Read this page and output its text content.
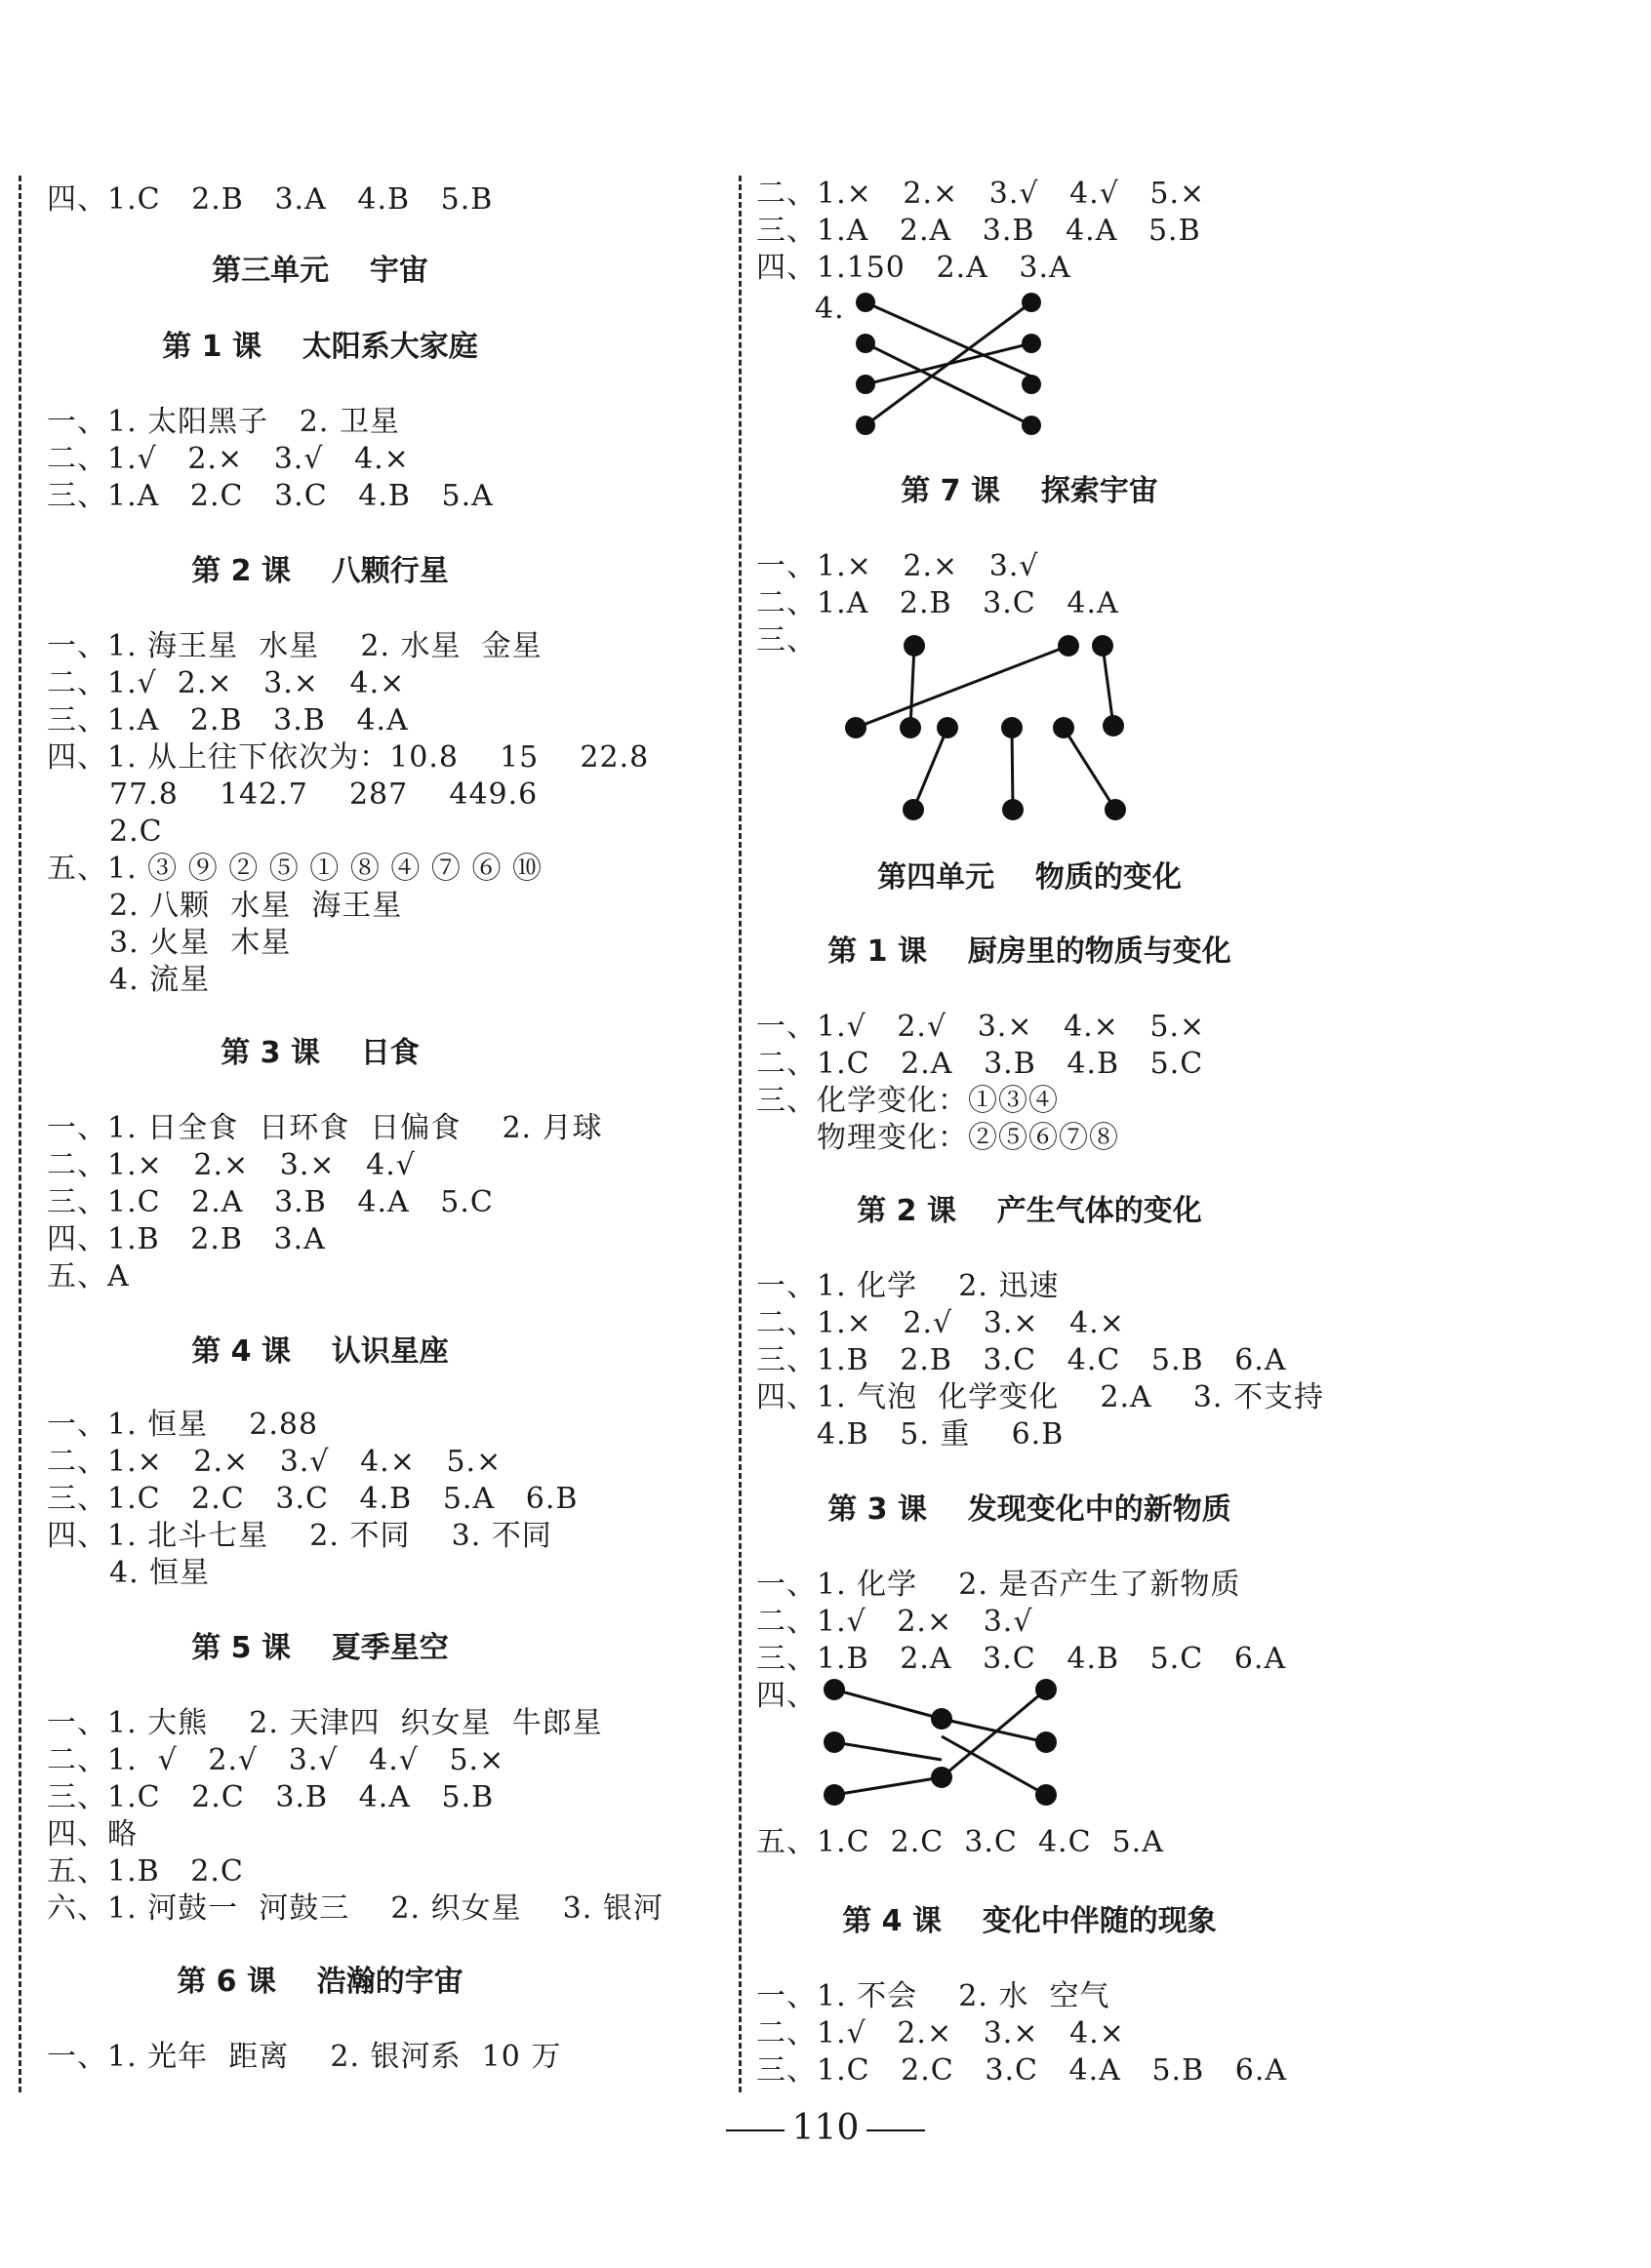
四、1.C   2.B   3.A   4.B   5.B
第三单元    宇宙
第 1 课    太阳系大家庭
一、1. 太阳黑子   2. 卫星
二、1.√   2.×   3.√   4.×
三、1.A   2.C   3.C   4.B   5.A
第 2 课    八颗行星
一、1. 海王星  水星    2. 水星  金星
二、1.√  2.×   3.×   4.×
三、1.A   2.B   3.B   4.A
四、1. 从上往下依次为：10.8    15    22.8
77.8    142.7    287    449.6
2.C
五、1. ③ ⑨ ② ⑤ ① ⑧ ④ ⑦ ⑥ ⑩
2. 八颗  水星  海王星
3. 火星  木星
4. 流星
第 3 课    日食
一、1. 日全食  日环食  日偏食    2. 月球
二、1.×   2.×   3.×   4.√
三、1.C   2.A   3.B   4.A   5.C
四、1.B   2.B   3.A
五、A
第 4 课    认识星座
一、1. 恒星    2.88
二、1.×   2.×   3.√   4.×   5.×
三、1.C   2.C   3.C   4.B   5.A   6.B
四、1. 北斗七星    2. 不同    3. 不同
4. 恒星
第 5 课    夏季星空
一、1. 大熊    2. 天津四  织女星  牛郎星
二、1.  √   2.√   3.√   4.√   5.×
三、1.C   2.C   3.B   4.A   5.B
四、略
五、1.B   2.C
六、1. 河鼓一  河鼓三    2. 织女星    3. 银河
第 6 课    浩瀚的宇宙
一、1. 光年  距离    2. 银河系  10 万
二、1.×   2.×   3.√   4.√   5.×
三、1.A   2.A   3.B   4.A   5.B
四、1.150   2.A   3.A
4.
第 7 课    探索宇宙
一、1.×   2.×   3.√
二、1.A   2.B   3.C   4.A
三、
第四单元    物质的变化
第 1 课    厨房里的物质与变化
一、1.√   2.√   3.×   4.×   5.×
二、1.C   2.A   3.B   4.B   5.C
三、化学变化：①③④
物理变化：②⑤⑥⑦⑧
第 2 课    产生气体的变化
一、1. 化学    2. 迅速
二、1.×   2.√   3.×   4.×
三、1.B   2.B   3.C   4.C   5.B   6.A
四、1. 气泡  化学变化    2.A    3. 不支持
4.B   5. 重    6.B
第 3 课    发现变化中的新物质
一、1. 化学    2. 是否产生了新物质
二、1.√   2.×   3.√
三、1.B   2.A   3.C   4.B   5.C   6.A
四、
五、1.C  2.C  3.C  4.C  5.A
第 4 课    变化中伴随的现象
一、1. 不会    2. 水  空气
二、1.√   2.×   3.×   4.×
三、1.C   2.C   3.C   4.A   5.B   6.A
110
